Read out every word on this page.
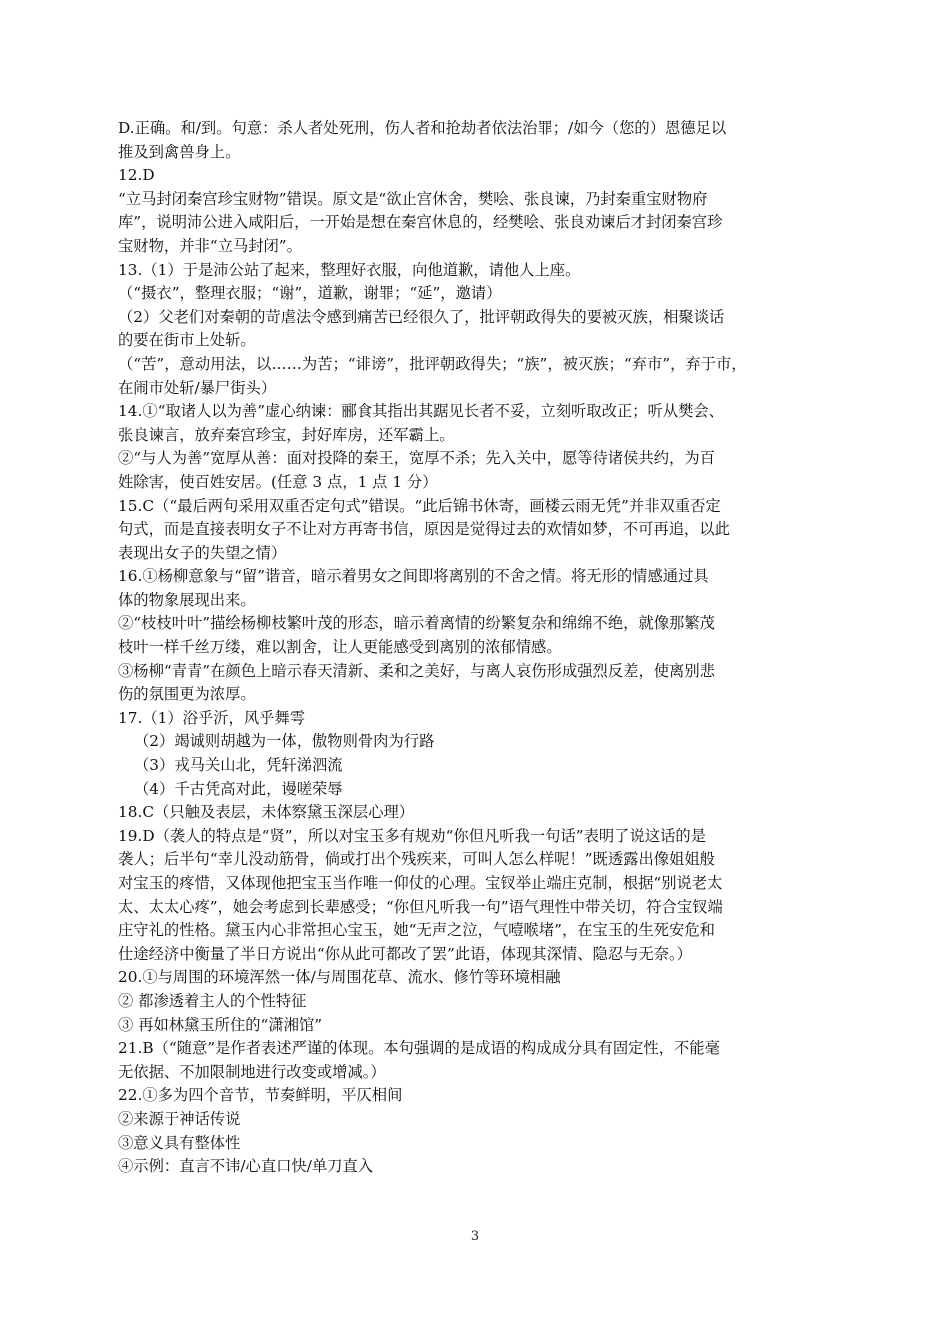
D.正确。和/到。句意：杀人者处死刑，伤人者和抢劫者依法治罪；/如今（您的）恩德足以
推及到禽兽身上。
12.D
“立马封闭秦宫珍宝财物”错误。原文是“欲止宫休舍，樊哙、张良谏，乃封秦重宝财物府
库”，说明沛公进入咸阳后，一开始是想在秦宫休息的，经樊哙、张良劝谏后才封闭秦宫珍
宝财物，并非“立马封闭”。
13.（1）于是沛公站了起来，整理好衣服，向他道歉，请他人上座。
（“摄衣”，整理衣服；“谢”，道歉，谢罪；“延”，邀请）
（2）父老们对秦朝的苛虐法令感到痛苦已经很久了，批评朝政得失的要被灭族，相聚谈话
的要在街市上处斩。
（“苦”，意动用法，以……为苦；“诽谤”，批评朝政得失；“族”，被灭族；“弃市”，弃于市，
在闹市处斩/暴尸街头）
14.①“取诸人以为善”虚心纳谏：郦食其指出其踞见长者不妥，立刻听取改正；听从樊会、
张良谏言，放弃秦宫珍宝，封好库房，还军霸上。
②“与人为善”宽厚从善：面对投降的秦王，宽厚不杀；先入关中，愿等待诸侯共约，为百
姓除害，使百姓安居。(任意 3 点，1 点 1 分）
15.C（“最后两句采用双重否定句式”错误。“此后锦书休寄，画楼云雨无凭”并非双重否定
句式，而是直接表明女子不让对方再寄书信，原因是觉得过去的欢情如梦，不可再追，以此
表现出女子的失望之情）
16.①杨柳意象与“留”谐音，暗示着男女之间即将离别的不舍之情。将无形的情感通过具
体的物象展现出来。
②“枝枝叶叶”描绘杨柳枝繁叶茂的形态，暗示着离情的纷繁复杂和绵绵不绝，就像那繁茂
枝叶一样千丝万缕，难以割舍，让人更能感受到离别的浓郁情感。
③杨柳“青青”在颜色上暗示春天清新、柔和之美好，与离人哀伤形成强烈反差，使离别悲
伤的氛围更为浓厚。
17.（1）浴乎沂，风乎舞雩
（2）竭诚则胡越为一体，傲物则骨肉为行路
（3）戎马关山北，凭轩涕泗流
（4）千古凭高对此，谩嗟荣辱
18.C（只触及表层，未体察黛玉深层心理）
19.D（袭人的特点是“贤”，所以对宝玉多有规劝“你但凡听我一句话”表明了说这话的是
袭人；后半句“幸儿没动筋骨，倘或打出个残疾来，可叫人怎么样呢！”既透露出像姐姐般
对宝玉的疼惜，又体现他把宝玉当作唯一仰仗的心理。宝钗举止端庄克制，根据“别说老太
太、太太心疼”，她会考虑到长辈感受；“你但凡听我一句”语气理性中带关切，符合宝钗端
庄守礼的性格。黛玉内心非常担心宝玉，她“无声之泣，气噎喉堵”，在宝玉的生死安危和
仕途经济中衡量了半日方说出“你从此可都改了罢”此语，体现其深情、隐忍与无奈。）
20.①与周围的环境浑然一体/与周围花草、流水、修竹等环境相融
② 都渗透着主人的个性特征
③ 再如林黛玉所住的“潇湘馆”
21.B（“随意”是作者表述严谨的体现。本句强调的是成语的构成成分具有固定性，不能毫
无依据、不加限制地进行改变或增减。）
22.①多为四个音节，节奏鲜明，平仄相间
②来源于神话传说
③意义具有整体性
④示例：直言不讳/心直口快/单刀直入
3
